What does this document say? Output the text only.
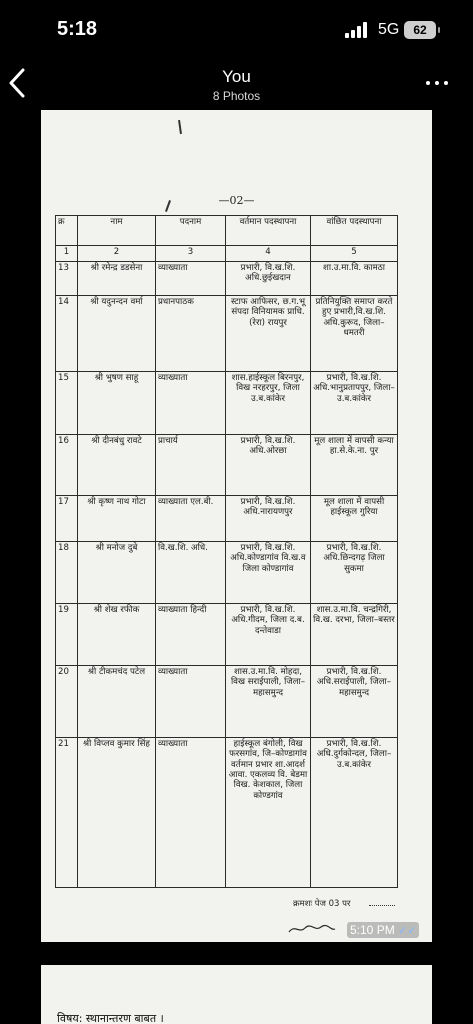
5:18	5G	62
You
8 Photos
—02—
क्र	नाम	पदनाम	वर्तमान पदस्थापना	वांछित पदस्थापना
1	2	3	4	5
13	श्री रमेन्द्र डडसेना	व्याख्याता	प्रभारी, वि.ख.शि. अधि.छुईखदान	शा.उ.मा.वि. कामठा
14	श्री यदुनन्दन वर्मा	प्रधानपाठक	स्टाफ आफिसर, छ.ग.भू संपदा विनियामक प्राधि. (रेरा) रायपुर	प्रतिनियुक्ति समाप्त करते हुए प्रभारी,वि.ख.शि. अधि.कुरूद, जिला–धमतरी
15	श्री भुषण साहू	व्याख्याता	शास.हाईस्कूल बिरनपुर, विख नरहरपुर, जिला उ.ब.कांकेर	प्रभारी, वि.ख.शि. अधि.भानुप्रतापपुर, जिला–उ.ब.कांकेर
16	श्री दीनबंधु रावटे	प्राचार्य	प्रभारी, वि.ख.शि. अधि.ओरछा	मूल शाला में वापसी कन्या हा.से.के.ना. पुर
17	श्री कृष्ण नाथ गोटा	व्याख्याता एल.बी.	प्रभारी, वि.ख.शि. अधि.नारायणपुर	मूल शाला में वापसी हाईस्कूल गुरिया
18	श्री मनोज दुबे	वि.ख.शि. अधि.	प्रभारी, वि.ख.शि. अधि.कोण्डागांव वि.ख.व जिला कोण्डागांव	प्रभारी, वि.ख.शि. अधि.छिन्दगढ़ जिला सुकमा
19	श्री शेख रफीक	व्याख्याता हिन्दी	प्रभारी, वि.ख.शि. अधि.गीदम, जिला द.ब. दन्तेवाडा	शास.उ.मा.वि. चन्द्रगिरी, वि.ख. दरभा, जिला–बस्तर
20	श्री टीकमचंद पटेल	व्याख्याता	शास.उ.मा.वि. मोहदा, विख सराईपाली, जिला–महासमुन्द	प्रभारी, वि.ख.शि. अधि.सराईपाली, जिला–महासमुन्द
21	श्री विप्लव कुमार सिंह	व्याख्याता	हाईस्कूल बंगोली, विख फरसगांव, जि–कोण्डागांव वर्तमान प्रभार शा.आदर्श आवा. एकलव्य वि. बेडमा विख. केशकाल, जिला कोण्डगांव	प्रभारी, वि.ख.शि. अधि.दुर्गकोन्दल, जिला–उ.ब.कांकेर
क्रमशः पेज 03 पर
5:10 PM ✓✓
विषय: स्थानान्तरण बाबत ।
